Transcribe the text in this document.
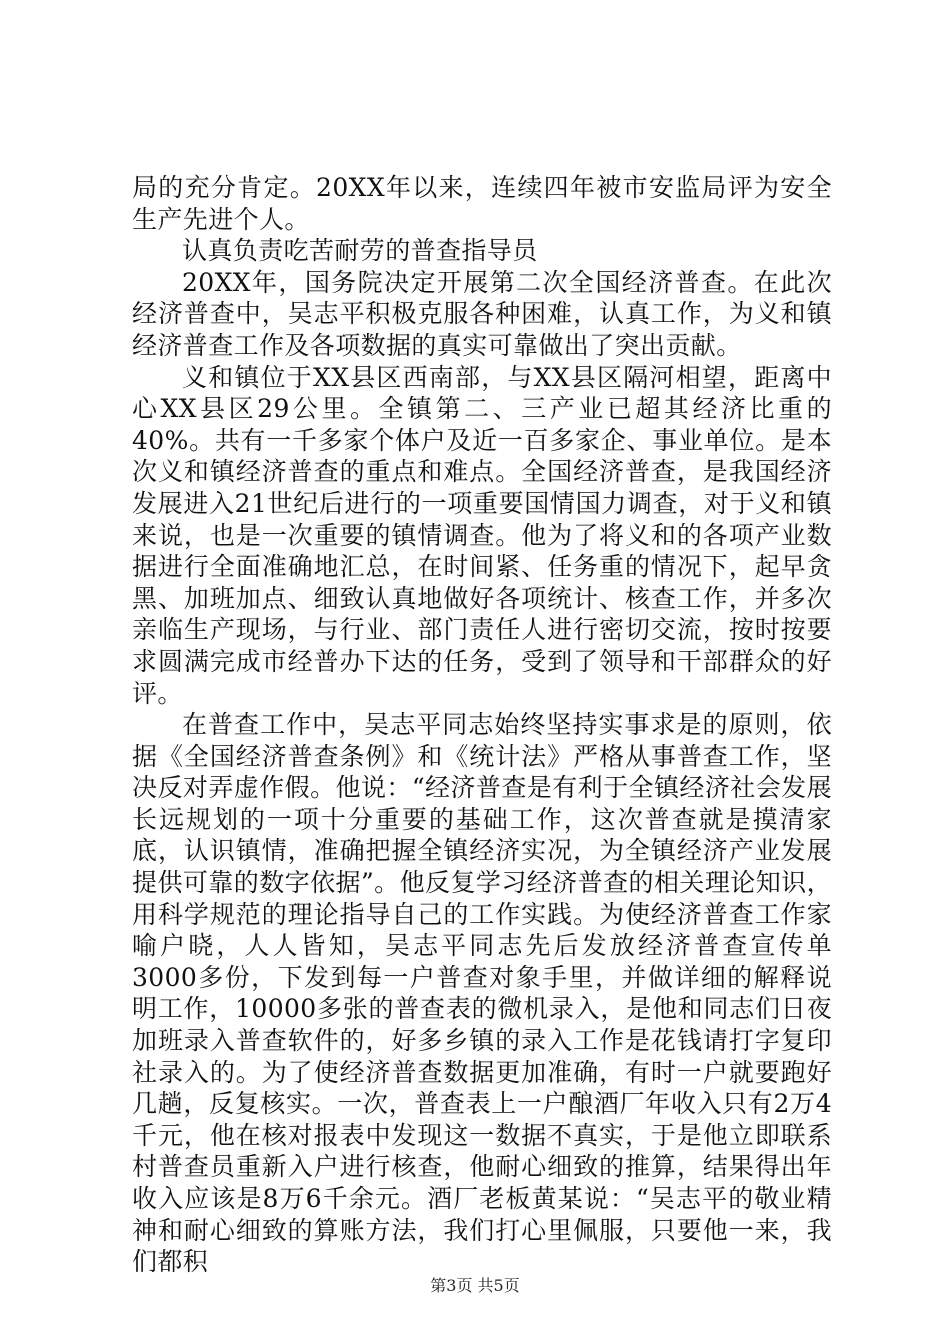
局的充分肯定。20XX年以来，连续四年被市安监局评为安全生产先进个人。

认真负责吃苦耐劳的普查指导员

20XX年，国务院决定开展第二次全国经济普查。在此次经济普查中，吴志平积极克服各种困难，认真工作，为义和镇经济普查工作及各项数据的真实可靠做出了突出贡献。

义和镇位于XX县区西南部，与XX县区隔河相望，距离中心XX县区29公里。全镇第二、三产业已超其经济比重的40%。共有一千多家个体户及近一百多家企、事业单位。是本次义和镇经济普查的重点和难点。全国经济普查，是我国经济发展进入21世纪后进行的一项重要国情国力调查，对于义和镇来说，也是一次重要的镇情调查。他为了将义和的各项产业数据进行全面准确地汇总，在时间紧、任务重的情况下，起早贪黑、加班加点、细致认真地做好各项统计、核查工作，并多次亲临生产现场，与行业、部门责任人进行密切交流，按时按要求圆满完成市经普办下达的任务，受到了领导和干部群众的好评。

在普查工作中，吴志平同志始终坚持实事求是的原则，依据《全国经济普查条例》和《统计法》严格从事普查工作，坚决反对弄虚作假。他说：“经济普查是有利于全镇经济社会发展长远规划的一项十分重要的基础工作，这次普查就是摸清家底，认识镇情，准确把握全镇经济实况，为全镇经济产业发展提供可靠的数字依据”。他反复学习经济普查的相关理论知识，用科学规范的理论指导自己的工作实践。为使经济普查工作家喻户晓，人人皆知，吴志平同志先后发放经济普查宣传单3000多份，下发到每一户普查对象手里，并做详细的解释说明工作，10000多张的普查表的微机录入，是他和同志们日夜加班录入普查软件的，好多乡镇的录入工作是花钱请打字复印社录入的。为了使经济普查数据更加准确，有时一户就要跑好几趟，反复核实。一次，普查表上一户酿酒厂年收入只有2万4千元，他在核对报表中发现这一数据不真实，于是他立即联系村普查员重新入户进行核查，他耐心细致的推算，结果得出年收入应该是8万6千余元。酒厂老板黄某说：“吴志平的敬业精神和耐心细致的算账方法，我们打心里佩服，只要他一来，我们都积

第3页 共5页
